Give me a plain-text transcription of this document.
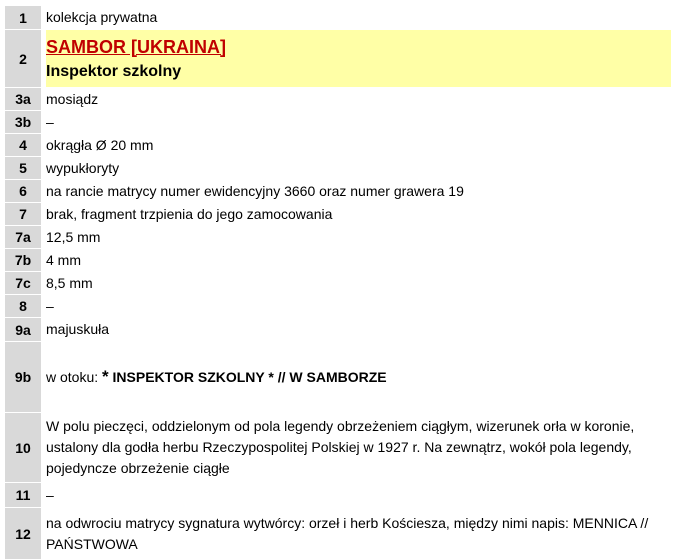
1	kolekcja prywatna
2	SAMBOR [UKRAINA]
Inspektor szkolny

3a	mosiądz
3b	–
4	okrągła Ø 20 mm
5	wypukłoryty
6	na rancie matrycy numer ewidencyjny 3660 oraz numer grawera 19
7	brak, fragment trzpienia do jego zamocowania
7a	12,5 mm
7b	4 mm
7c	8,5 mm
8	–
9a	majuskuła
9b	w otoku: * INSPEKTOR SZKOLNY * // W SAMBORZE
10	W polu pieczęci, oddzielonym od pola legendy obrzeżeniem ciągłym, wizerunek orła w koronie, ustalony dla godła herbu Rzeczypospolitej Polskiej w 1927 r. Na zewnątrz, wokół pola legendy, pojedyncze obrzeżenie ciągłe
11	–
12	na odwrociu matrycy sygnatura wytwórcy: orzeł i herb Kościesza, między nimi napis: MENNICA // PAŃSTWOWA
